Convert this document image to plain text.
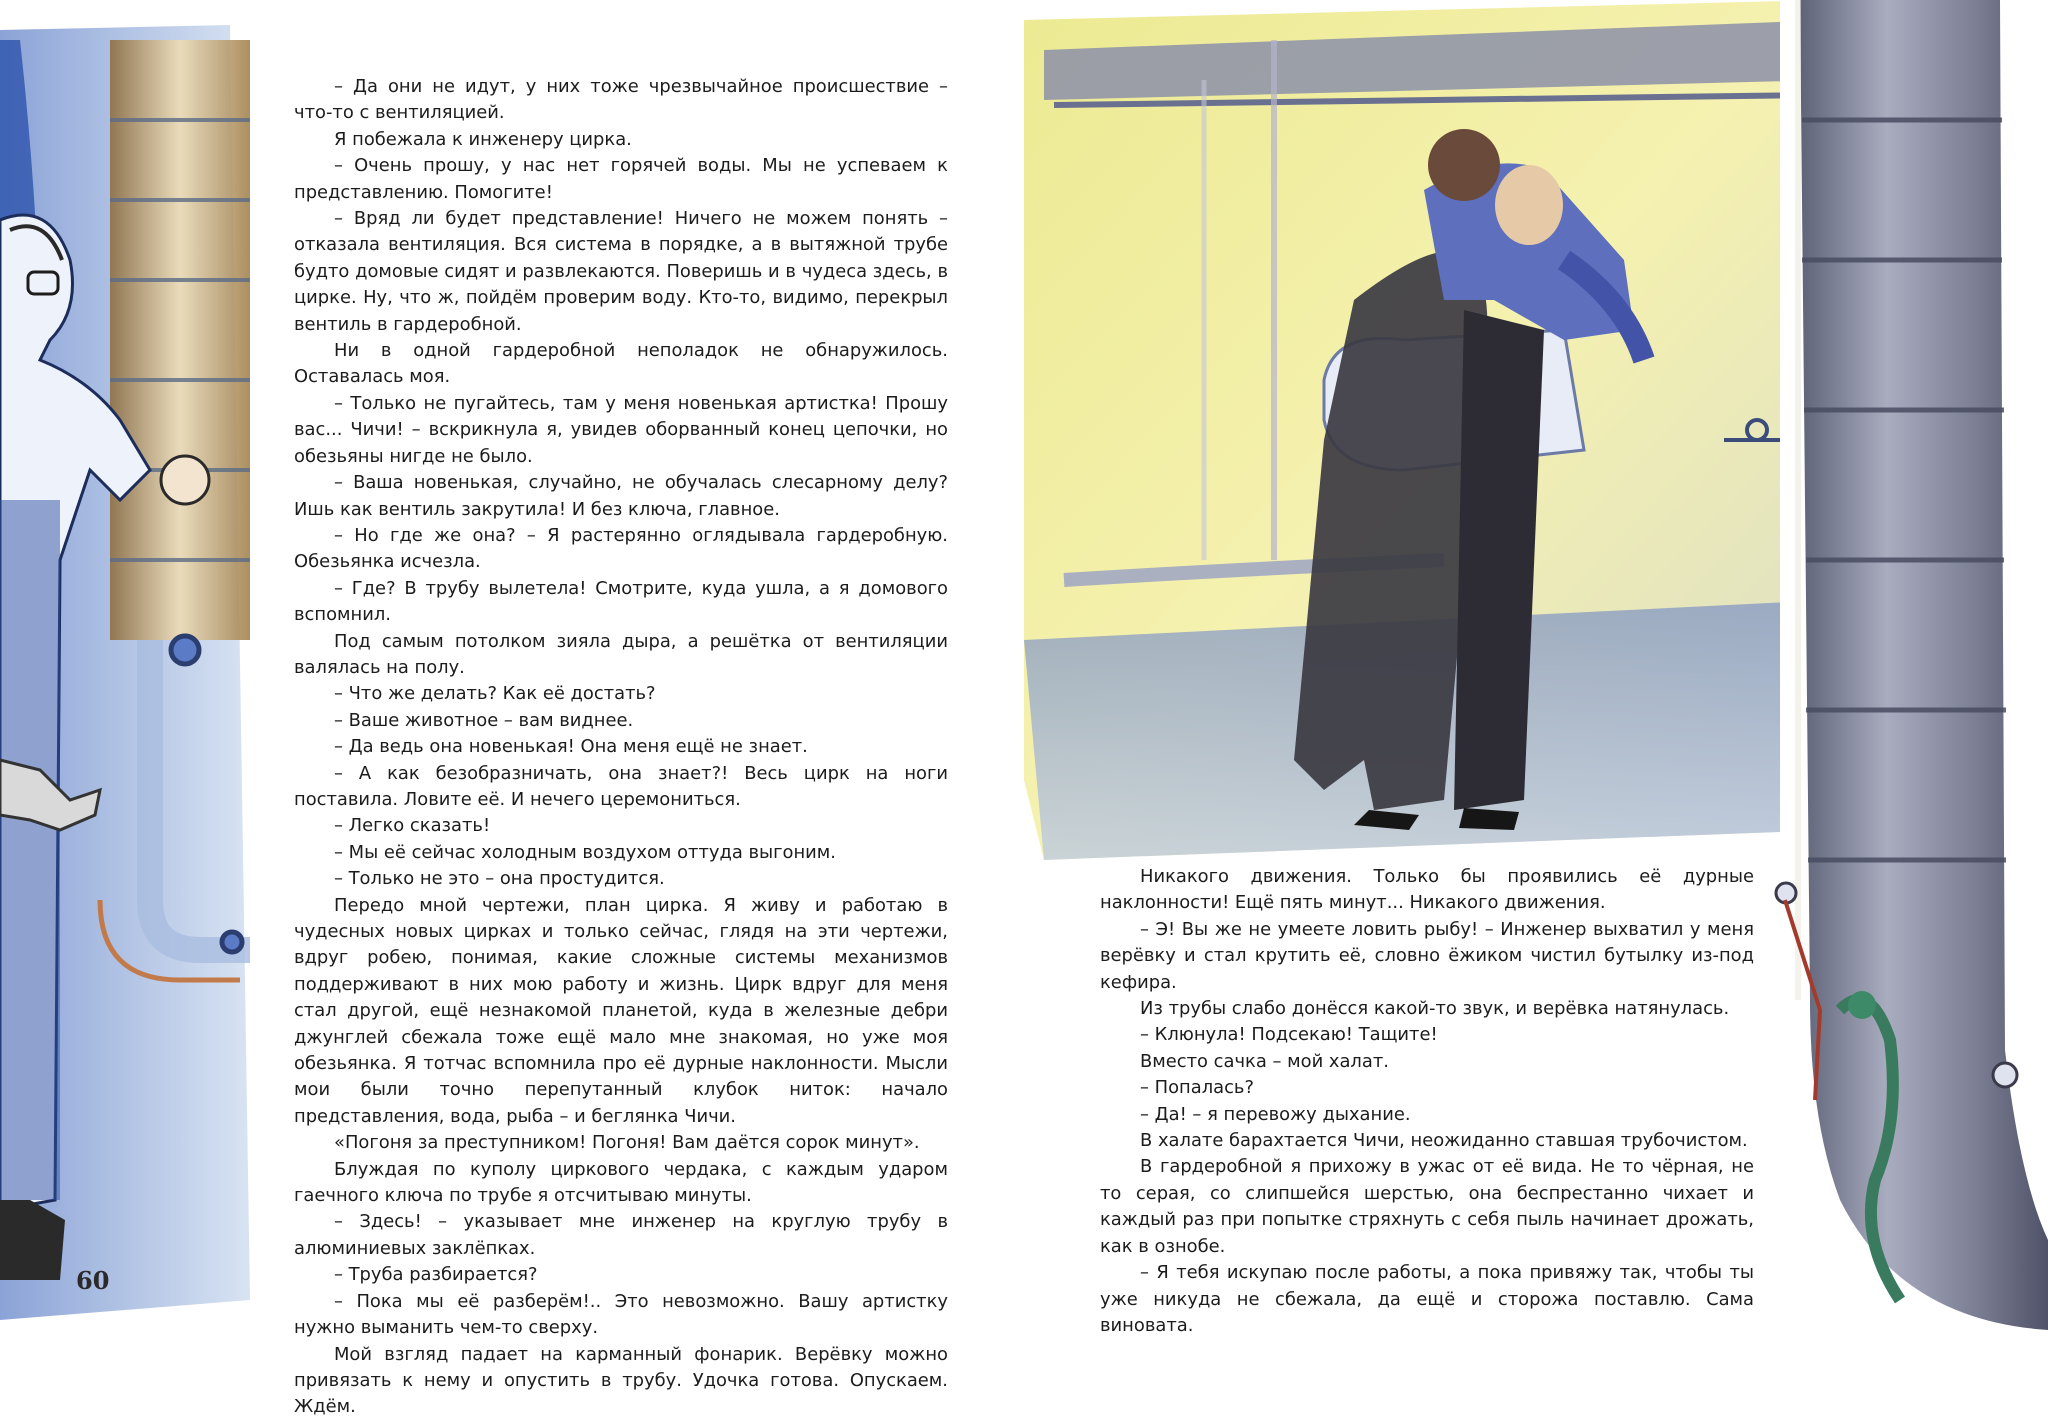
– Да они не идут, у них тоже чрезвычайное происшествие – что-то с вентиляцией.

Я побежала к инженеру цирка.

– Очень прошу, у нас нет горячей воды. Мы не успеваем к представлению. Помогите!

– Вряд ли будет представление! Ничего не можем понять – отказала вентиляция. Вся система в порядке, а в вытяжной трубе будто домовые сидят и развлекаются. Поверишь и в чудеса здесь, в цирке. Ну, что ж, пойдём проверим воду. Кто-то, видимо, перекрыл вентиль в гардеробной.

Ни в одной гардеробной неполадок не обнаружилось. Оставалась моя.

– Только не пугайтесь, там у меня новенькая артистка! Прошу вас... Чичи! – вскрикнула я, увидев оборванный конец цепочки, но обезьяны нигде не было.

– Ваша новенькая, случайно, не обучалась слесарному делу? Ишь как вентиль закрутила! И без ключа, главное.

– Но где же она? – Я растерянно оглядывала гардеробную. Обезьянка исчезла.

– Где? В трубу вылетела! Смотрите, куда ушла, а я домового вспомнил.

Под самым потолком зияла дыра, а решётка от вентиляции валялась на полу.

– Что же делать? Как её достать?

– Ваше животное – вам виднее.

– Да ведь она новенькая! Она меня ещё не знает.

– А как безобразничать, она знает?! Весь цирк на ноги поставила. Ловите её. И нечего церемониться.

– Легко сказать!

– Мы её сейчас холодным воздухом оттуда выгоним.

– Только не это – она простудится.

Передо мной чертежи, план цирка. Я живу и работаю в чудесных новых цирках и только сейчас, глядя на эти чертежи, вдруг робею, понимая, какие сложные системы механизмов поддерживают в них мою работу и жизнь. Цирк вдруг для меня стал другой, ещё незнакомой планетой, куда в железные дебри джунглей сбежала тоже ещё мало мне знакомая, но уже моя обезьянка. Я тотчас вспомнила про её дурные наклонности. Мысли мои были точно перепутанный клубок ниток: начало представления, вода, рыба – и беглянка Чичи.

«Погоня за преступником! Погоня! Вам даётся сорок минут».

Блуждая по куполу циркового чердака, с каждым ударом гаечного ключа по трубе я отсчитываю минуты.

– Здесь! – указывает мне инженер на круглую трубу в алюминиевых заклёпках.

– Труба разбирается?

– Пока мы её разберём!.. Это невозможно. Вашу артистку нужно выманить чем-то сверху.

Мой взгляд падает на карманный фонарик. Верёвку можно привязать к нему и опустить в трубу. Удочка готова. Опускаем. Ждём.

60

Никакого движения. Только бы проявились её дурные наклонности! Ещё пять минут... Никакого движения.

– Э! Вы же не умеете ловить рыбу! – Инженер выхватил у меня верёвку и стал крутить её, словно ёжиком чистил бутылку из-под кефира.

Из трубы слабо донёсся какой-то звук, и верёвка натянулась.

– Клюнула! Подсекаю! Тащите!

Вместо сачка – мой халат.

– Попалась?

– Да! – я перевожу дыхание.

В халате барахтается Чичи, неожиданно ставшая трубочистом.

В гардеробной я прихожу в ужас от её вида. Не то чёрная, не то серая, со слипшейся шерстью, она беспрестанно чихает и каждый раз при попытке стряхнуть с себя пыль начинает дрожать, как в ознобе.

– Я тебя искупаю после работы, а пока привяжу так, чтобы ты уже никуда не сбежала, да ещё и сторожа поставлю. Сама виновата.
